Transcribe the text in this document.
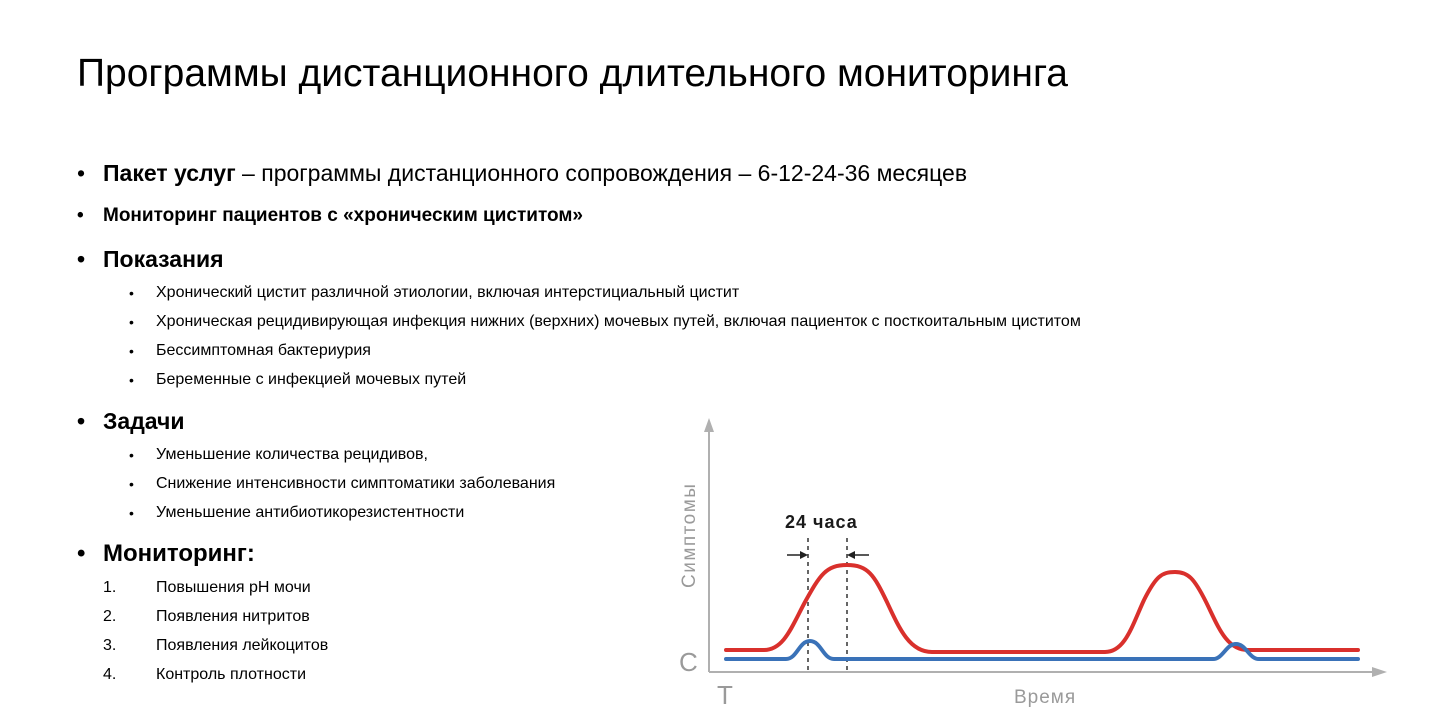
Программы дистанционного длительного мониторинга
• Пакет услуг – программы дистанционного сопровождения – 6-12-24-36 месяцев
• Мониторинг пациентов с «хроническим циститом»
• Показания
• Хронический цистит различной этиологии, включая интерстициальный цистит
• Хроническая рецидивирующая инфекция нижних (верхних) мочевых путей, включая пациенток с посткоитальным циститом
• Бессимптомная бактериурия
• Беременные с инфекцией мочевых путей
• Задачи
• Уменьшение количества рецидивов,
• Снижение интенсивности симптоматики заболевания
• Уменьшение антибиотикорезистентности
• Мониторинг:
1. Повышения pH мочи
2. Появления нитритов
3. Появления лейкоцитов
4. Контроль плотности
Симптомы
Время
С
Т
24 часа
